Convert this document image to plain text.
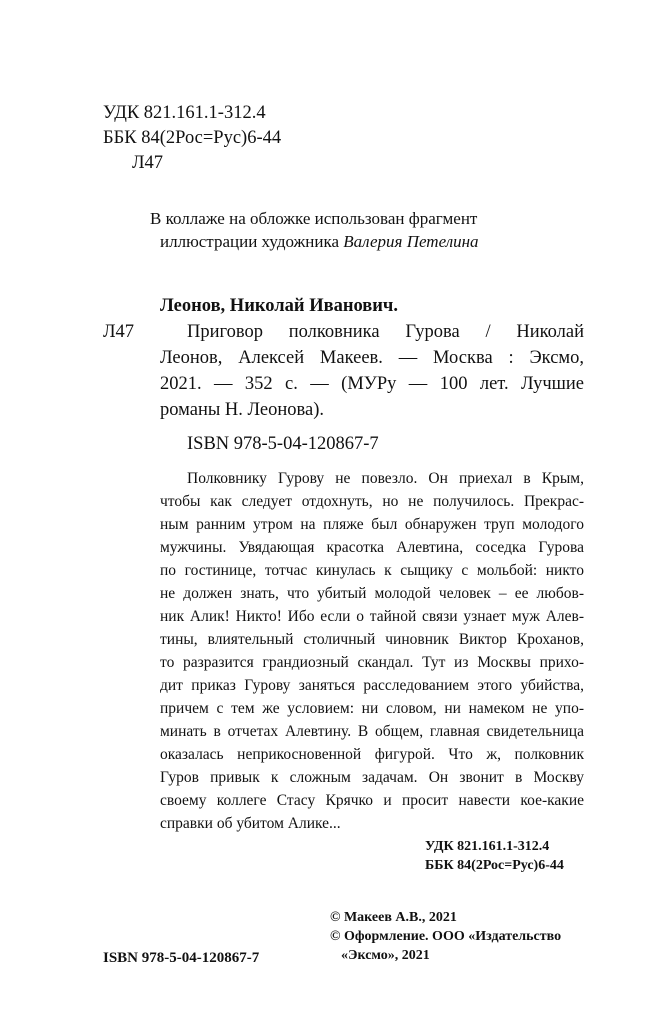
УДК 821.161.1-312.4
ББК 84(2Рос=Рус)6-44
Л47
В коллаже на обложке использован фрагмент
иллюстрации художника Валерия Петелина
Леонов, Николай Иванович.
Л47	Приговор полковника Гурова / Николай
Леонов, Алексей Макеев. — Москва : Эксмо,
2021. — 352 с. — (МУРу — 100 лет. Лучшие
романы Н. Леонова).
ISBN 978-5-04-120867-7
Полковнику Гурову не повезло. Он приехал в Крым,
чтобы как следует отдохнуть, но не получилось. Прекрас-
ным ранним утром на пляже был обнаружен труп молодого
мужчины. Увядающая красотка Алевтина, соседка Гурова
по гостинице, тотчас кинулась к сыщику с мольбой: никто
не должен знать, что убитый молодой человек – ее любов-
ник Алик! Никто! Ибо если о тайной связи узнает муж Алев-
тины, влиятельный столичный чиновник Виктор Кроханов,
то разразится грандиозный скандал. Тут из Москвы прихо-
дит приказ Гурову заняться расследованием этого убийства,
причем с тем же условием: ни словом, ни намеком не упо-
минать в отчетах Алевтину. В общем, главная свидетельница
оказалась неприкосновенной фигурой. Что ж, полковник
Гуров привык к сложным задачам. Он звонит в Москву
своему коллеге Стасу Крячко и просит навести кое-какие
справки об убитом Алике...
УДК 821.161.1-312.4
ББК 84(2Рос=Рус)6-44
© Макеев А.В., 2021
© Оформление. ООО «Издательство
«Эксмо», 2021
ISBN 978-5-04-120867-7
